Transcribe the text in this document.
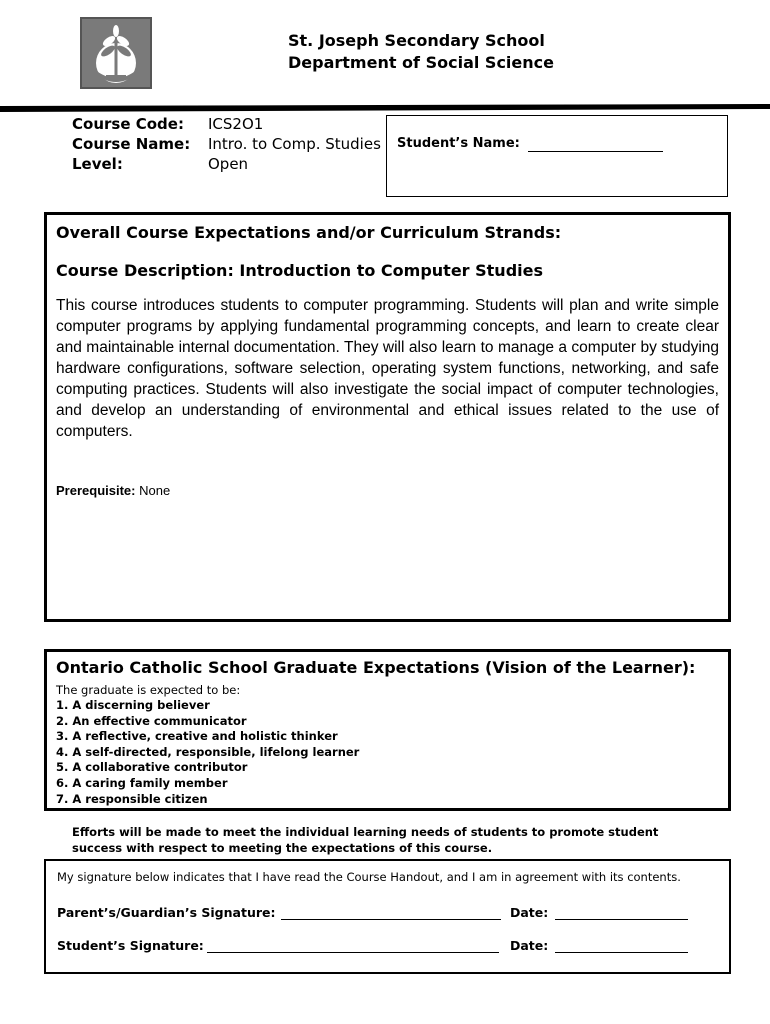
St. Joseph Secondary School
Department of Social Science
Course Code:	ICS2O1
Course Name:	Intro. to Comp. Studies
Level:	Open
Student’s Name:
Overall Course Expectations and/or Curriculum Strands:
Course Description: Introduction to Computer Studies
This course introduces students to computer programming. Students will plan and write simple computer programs by applying fundamental programming concepts, and learn to create clear and maintainable internal documentation. They will also learn to manage a computer by studying hardware configurations, software selection, operating system functions, networking, and safe computing practices. Students will also investigate the social impact of computer technologies, and develop an understanding of environmental and ethical issues related to the use of computers.
Prerequisite: None
Ontario Catholic School Graduate Expectations (Vision of the Learner):
The graduate is expected to be:
1. A discerning believer
2. An effective communicator
3. A reflective, creative and holistic thinker
4. A self-directed, responsible, lifelong learner
5. A collaborative contributor
6. A caring family member
7. A responsible citizen
Efforts will be made to meet the individual learning needs of students to promote student success with respect to meeting the expectations of this course.
My signature below indicates that I have read the Course Handout, and I am in agreement with its contents.
Parent’s/Guardian’s Signature:	Date:
Student’s Signature:	Date:
